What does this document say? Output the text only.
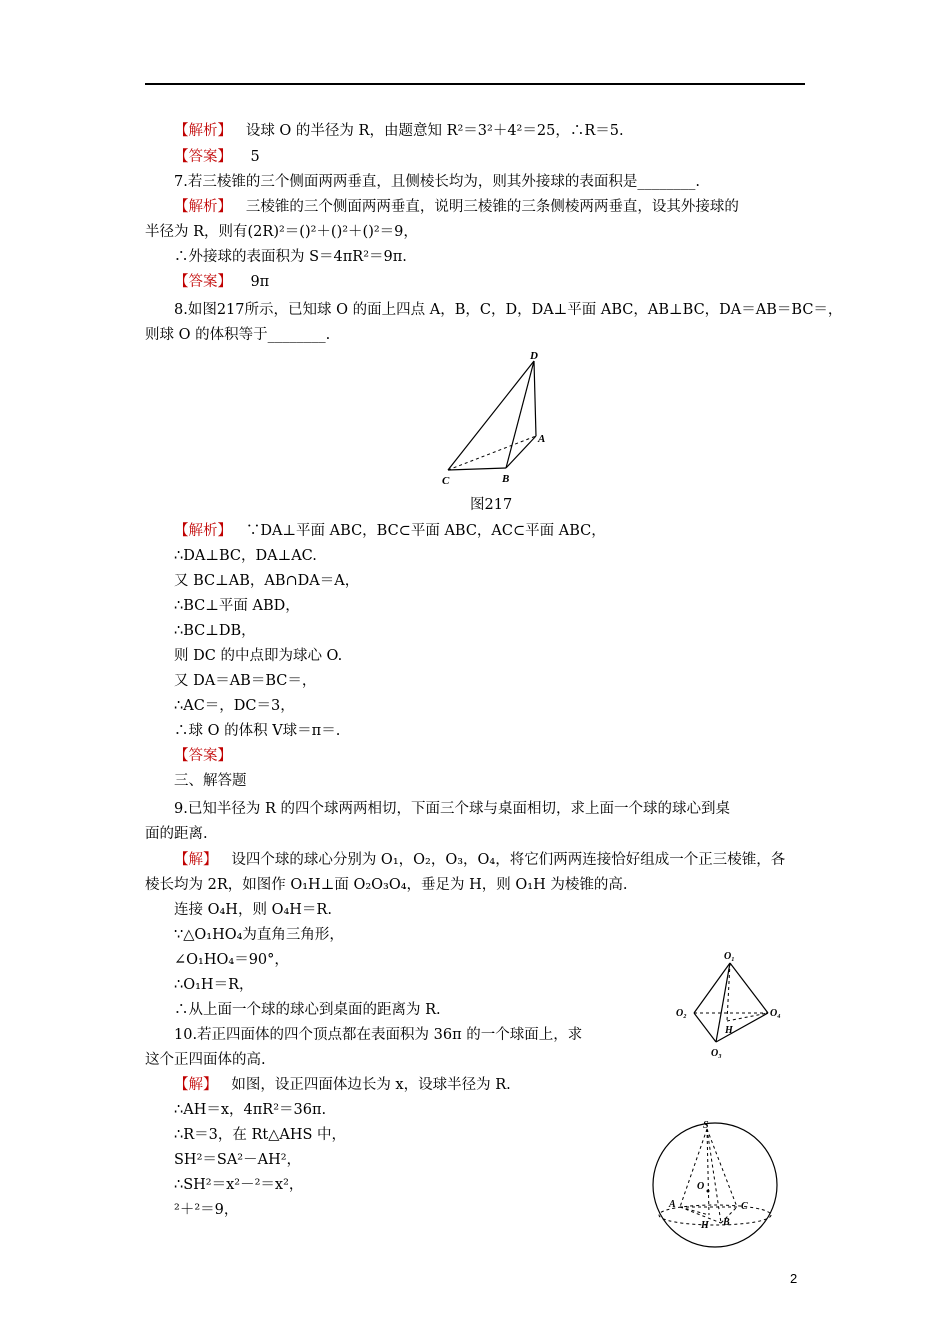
【解析】 设球 O 的半径为 R，由题意知 R²＝3²＋4²＝25，∴R＝5.
【答案】 5
7.若三棱锥的三个侧面两两垂直，且侧棱长均为，则其外接球的表面积是________.
【解析】 三棱锥的三个侧面两两垂直，说明三棱锥的三条侧棱两两垂直，设其外接球的
半径为 R，则有(2R)²＝()²＋()²＋()²＝9，
∴外接球的表面积为 S＝4πR²＝9π.
【答案】 9π
8.如图217所示，已知球 O 的面上四点 A，B，C，D，DA⊥平面 ABC，AB⊥BC，DA＝AB＝BC＝，
则球 O 的体积等于________.
D
A
B
C
图217
【解析】 ∵DA⊥平面 ABC，BC⊂平面 ABC，AC⊂平面 ABC，
∴DA⊥BC，DA⊥AC.
又 BC⊥AB，AB∩DA＝A，
∴BC⊥平面 ABD，
∴BC⊥DB，
则 DC 的中点即为球心 O.
又 DA＝AB＝BC＝，
∴AC＝，DC＝3，
∴球 O 的体积 V球＝π＝.
【答案】
三、解答题
9.已知半径为 R 的四个球两两相切，下面三个球与桌面相切，求上面一个球的球心到桌
面的距离.
【解】 设四个球的球心分别为 O₁，O₂，O₃，O₄，将它们两两连接恰好组成一个正三棱锥，各
棱长均为 2R，如图作 O₁H⊥面 O₂O₃O₄，垂足为 H，则 O₁H 为棱锥的高.
连接 O₄H，则 O₄H＝R.
∵△O₁HO₄为直角三角形，
∠O₁HO₄＝90°，
∴O₁H＝R，
∴从上面一个球的球心到桌面的距离为 R.
O₁
O₂	O₄
O₃
H
10.若正四面体的四个顶点都在表面积为 36π 的一个球面上，求
这个正四面体的高.
【解】 如图，设正四面体边长为 x，设球半径为 R.
∴AH＝x，4πR²＝36π.
∴R＝3，在 Rt△AHS 中，
SH²＝SA²－AH²，
∴SH²＝x²－²＝x²，
²＋²＝9，
S
O
A	C
B
H
2
